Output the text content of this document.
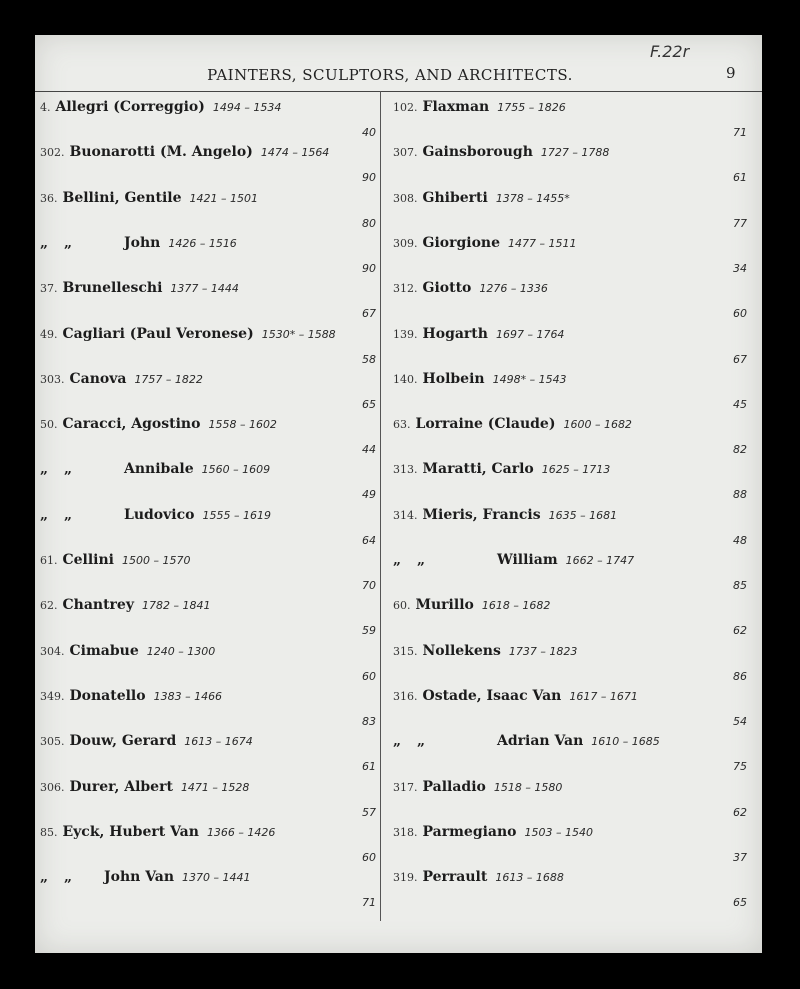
F.22r
PAINTERS, SCULPTORS, AND ARCHITECTS.	9
4. Allegri (Correggio) 1494 – 1534
40
302. Buonarotti (M. Angelo) 1474 – 1564
90
36. Bellini, Gentile 1421 – 1501
80
„ „	John 1426 – 1516
90
37. Brunelleschi 1377 – 1444
67
49. Cagliari (Paul Veronese) 1530* – 1588
58
303. Canova 1757 – 1822
65
50. Caracci, Agostino 1558 – 1602
44
„ „	Annibale 1560 – 1609
49
„ „	Ludovico 1555 – 1619
64
61. Cellini 1500 – 1570
70
62. Chantrey 1782 – 1841
59
304. Cimabue 1240 – 1300
60
349. Donatello 1383 – 1466
83
305. Douw, Gerard 1613 – 1674
61
306. Durer, Albert 1471 – 1528
57
85. Eyck, Hubert Van 1366 – 1426
60
„ „ John Van 1370 – 1441
71
102. Flaxman 1755 – 1826
71
307. Gainsborough 1727 – 1788
61
308. Ghiberti 1378 – 1455*
77
309. Giorgione 1477 – 1511
34
312. Giotto 1276 – 1336
60
139. Hogarth 1697 – 1764
67
140. Holbein 1498* – 1543
45
63. Lorraine (Claude) 1600 – 1682
82
313. Maratti, Carlo 1625 – 1713
88
314. Mieris, Francis 1635 – 1681
48
„ „	William 1662 – 1747
85
60. Murillo 1618 – 1682
62
315. Nollekens 1737 – 1823
86
316. Ostade, Isaac Van 1617 – 1671
54
„ „	Adrian Van 1610 – 1685
75
317. Palladio 1518 – 1580
62
318. Parmegiano 1503 – 1540
37
319. Perrault 1613 – 1688
65
